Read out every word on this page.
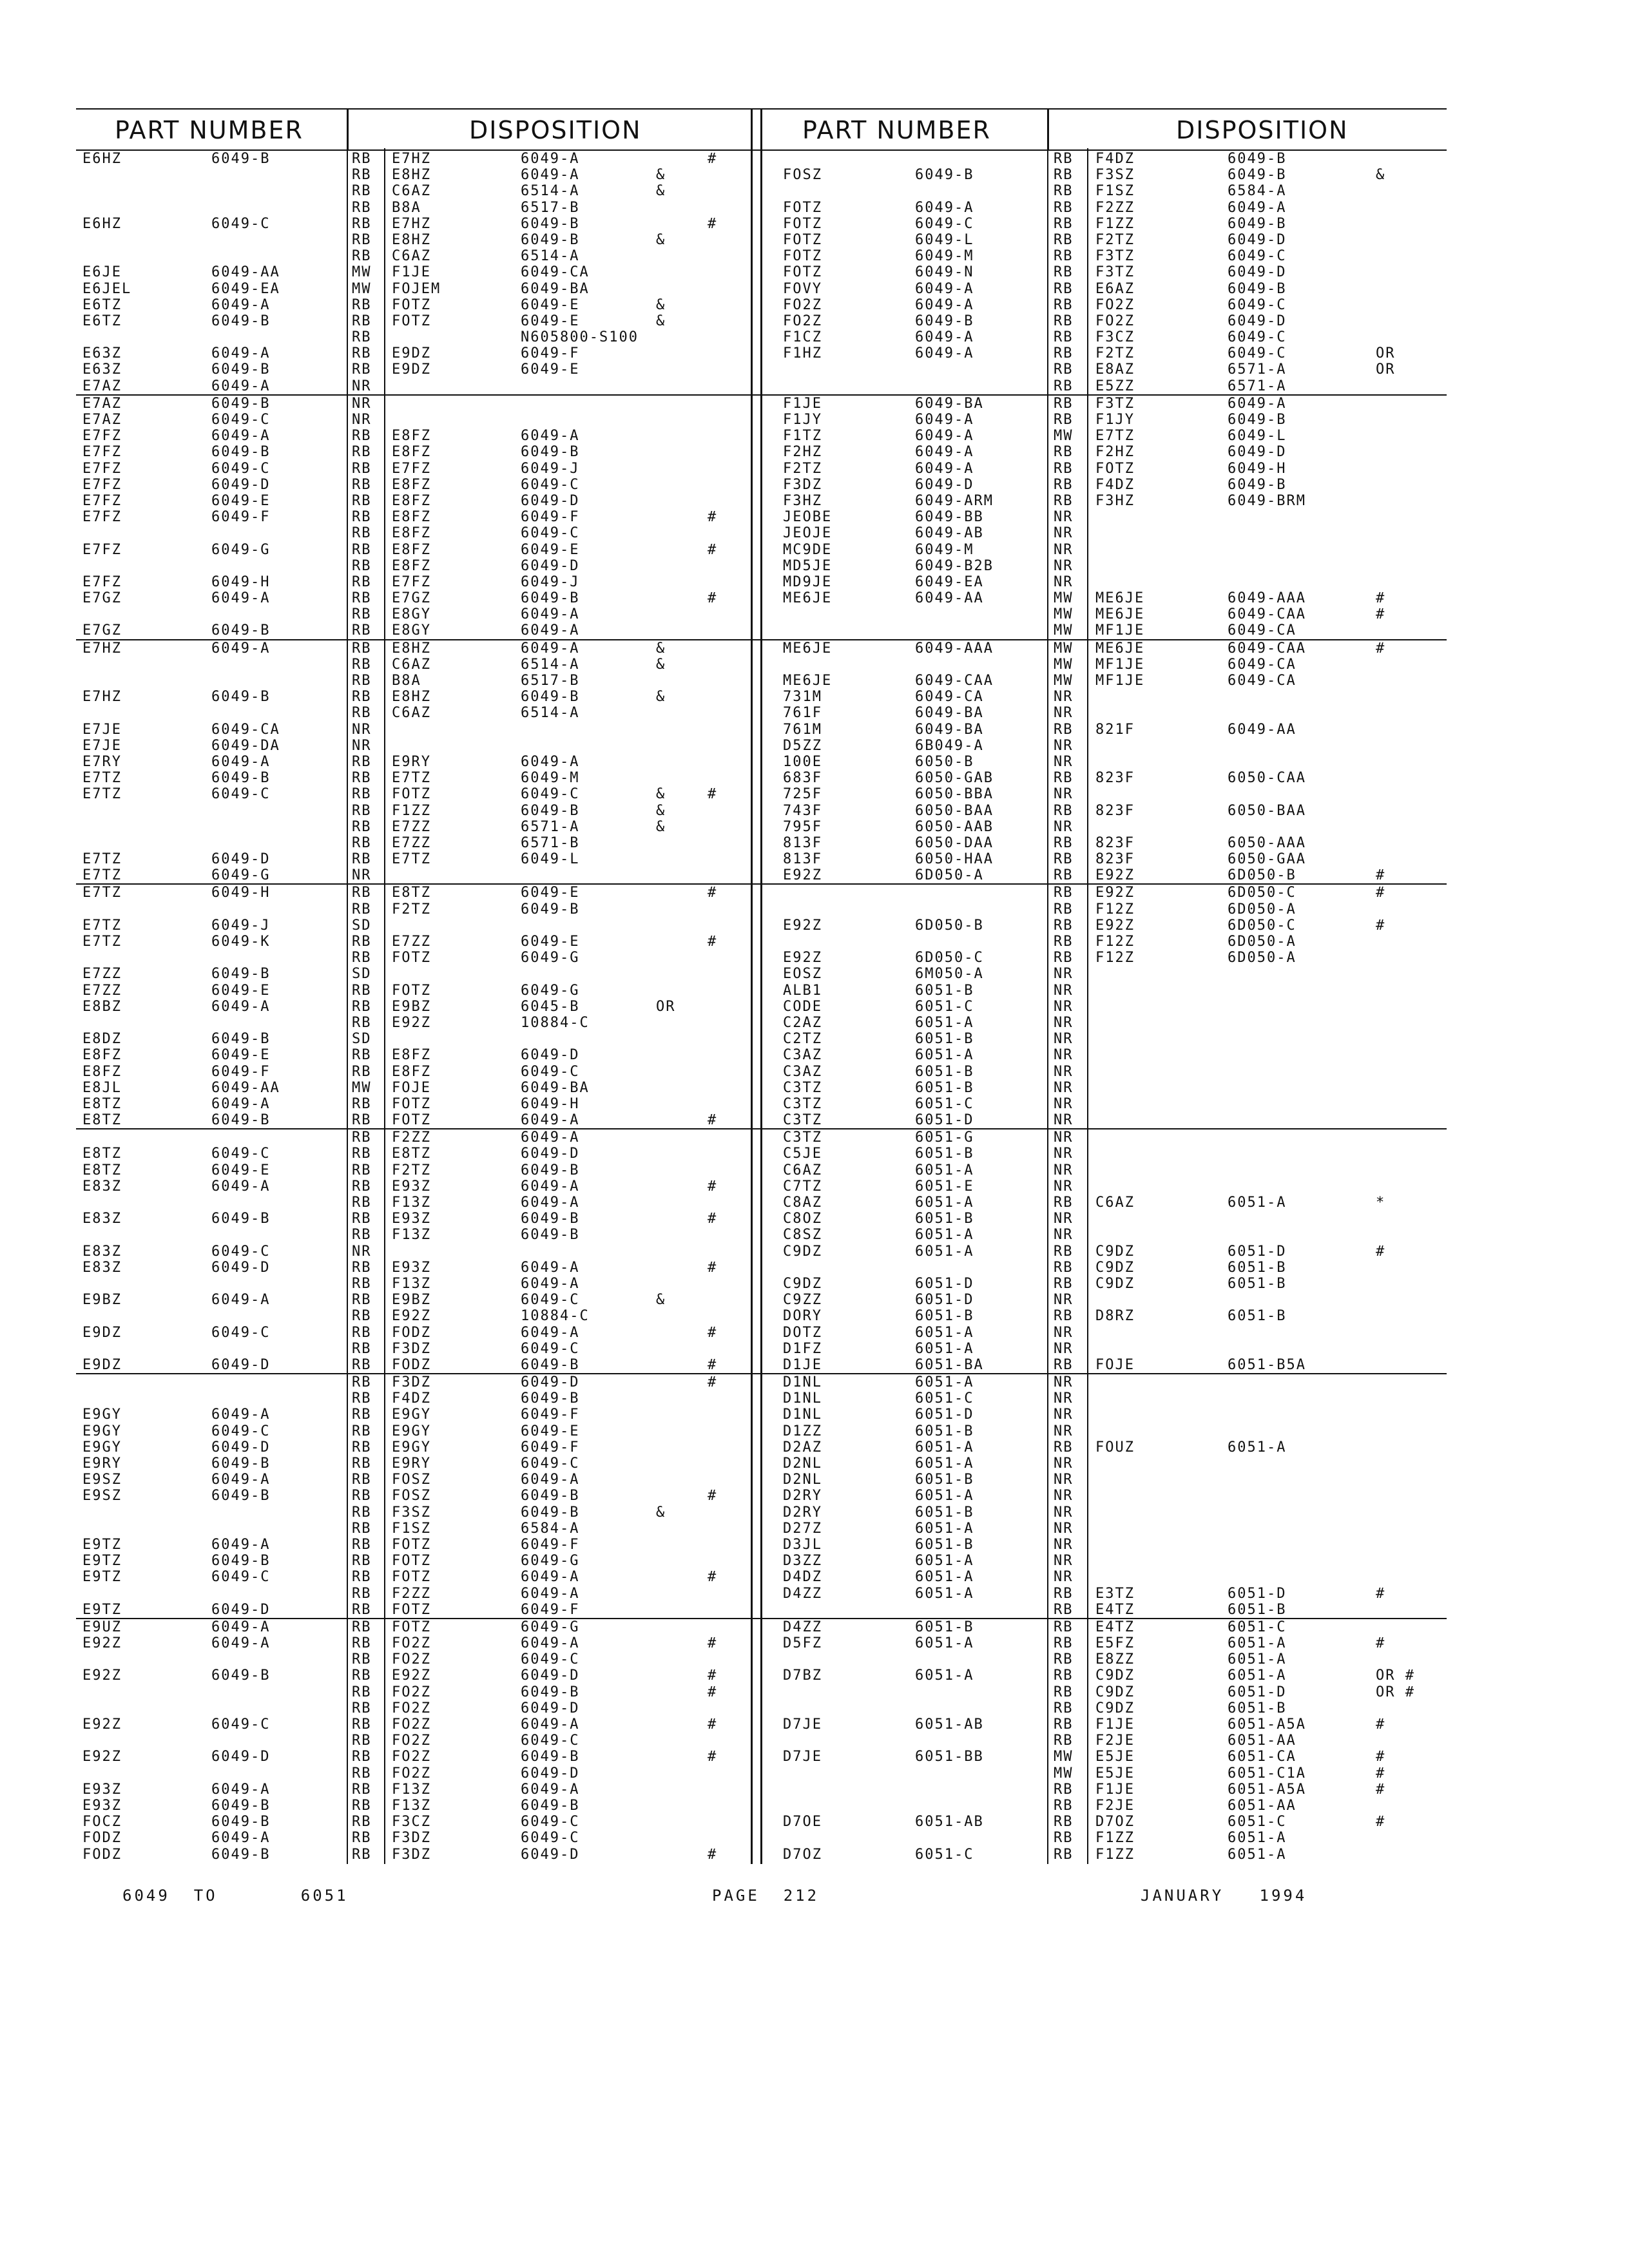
PART NUMBER	DISPOSITION
E6HZ	6049-B	RB E7HZ	6049-A	#
RB E8HZ	6049-A	&
RB C6AZ	6514-A	&
RB B8A	6517-B
E6HZ	6049-C	RB E7HZ	6049-B	#
RB E8HZ	6049-B	&
RB C6AZ	6514-A
E6JE	6049-AA	MW F1JE	6049-CA
E6JEL	6049-EA	MW FOJEM	6049-BA
E6TZ	6049-A	RB FOTZ	6049-E	&
E6TZ	6049-B	RB FOTZ	6049-E	&
RB	N605800-S100
E63Z	6049-A	RB E9DZ	6049-F
E63Z	6049-B	RB E9DZ	6049-E
E7AZ	6049-A	NR
E7AZ	6049-B	NR
E7AZ	6049-C	NR
E7FZ	6049-A	RB E8FZ	6049-A
E7FZ	6049-B	RB E8FZ	6049-B
E7FZ	6049-C	RB E7FZ	6049-J
E7FZ	6049-D	RB E8FZ	6049-C
E7FZ	6049-E	RB E8FZ	6049-D
E7FZ	6049-F	RB E8FZ	6049-F	#
RB E8FZ	6049-C
E7FZ	6049-G	RB E8FZ	6049-E	#
RB E8FZ	6049-D
E7FZ	6049-H	RB E7FZ	6049-J
E7GZ	6049-A	RB E7GZ	6049-B	#
RB E8GY	6049-A
E7GZ	6049-B	RB E8GY	6049-A
E7HZ	6049-A	RB E8HZ	6049-A	&
RB C6AZ	6514-A	&
RB B8A	6517-B
E7HZ	6049-B	RB E8HZ	6049-B	&
RB C6AZ	6514-A
E7JE	6049-CA	NR
E7JE	6049-DA	NR
E7RY	6049-A	RB E9RY	6049-A
E7TZ	6049-B	RB E7TZ	6049-M
E7TZ	6049-C	RB FOTZ	6049-C	&	#
RB F1ZZ	6049-B	&
RB E7ZZ	6571-A	&
RB E7ZZ	6571-B
E7TZ	6049-D	RB E7TZ	6049-L
E7TZ	6049-G	NR
E7TZ	6049-H	RB E8TZ	6049-E	#
RB F2TZ	6049-B
E7TZ	6049-J	SD
E7TZ	6049-K	RB E7ZZ	6049-E	#
RB FOTZ	6049-G
E7ZZ	6049-B	SD
E7ZZ	6049-E	RB FOTZ	6049-G
E8BZ	6049-A	RB E9BZ	6045-B	OR
RB E92Z	10884-C
E8DZ	6049-B	SD
E8FZ	6049-E	RB E8FZ	6049-D
E8FZ	6049-F	RB E8FZ	6049-C
E8JL	6049-AA	MW FOJE	6049-BA
E8TZ	6049-A	RB FOTZ	6049-H
E8TZ	6049-B	RB FOTZ	6049-A	#
RB F2ZZ	6049-A
E8TZ	6049-C	RB E8TZ	6049-D
E8TZ	6049-E	RB F2TZ	6049-B
E83Z	6049-A	RB E93Z	6049-A	#
RB F13Z	6049-A
E83Z	6049-B	RB E93Z	6049-B	#
RB F13Z	6049-B
E83Z	6049-C	NR
E83Z	6049-D	RB E93Z	6049-A	#
RB F13Z	6049-A
E9BZ	6049-A	RB E9BZ	6049-C	&
RB E92Z	10884-C
E9DZ	6049-C	RB FODZ	6049-A	#
RB F3DZ	6049-C
E9DZ	6049-D	RB FODZ	6049-B	#
RB F3DZ	6049-D	#
RB F4DZ	6049-B
E9GY	6049-A	RB E9GY	6049-F
E9GY	6049-C	RB E9GY	6049-E
E9GY	6049-D	RB E9GY	6049-F
E9RY	6049-B	RB E9RY	6049-C
E9SZ	6049-A	RB FOSZ	6049-A
E9SZ	6049-B	RB FOSZ	6049-B	#
RB F3SZ	6049-B	&
RB F1SZ	6584-A
E9TZ	6049-A	RB FOTZ	6049-F
E9TZ	6049-B	RB FOTZ	6049-G
E9TZ	6049-C	RB FOTZ	6049-A	#
RB F2ZZ	6049-A
E9TZ	6049-D	RB FOTZ	6049-F
E9UZ	6049-A	RB FOTZ	6049-G
E92Z	6049-A	RB FO2Z	6049-A	#
RB FO2Z	6049-C
E92Z	6049-B	RB E92Z	6049-D	#
RB FO2Z	6049-B	#
RB FO2Z	6049-D
E92Z	6049-C	RB FO2Z	6049-A	#
RB FO2Z	6049-C
E92Z	6049-D	RB FO2Z	6049-B	#
RB FO2Z	6049-D
E93Z	6049-A	RB F13Z	6049-A
E93Z	6049-B	RB F13Z	6049-B
FOCZ	6049-B	RB F3CZ	6049-C
FODZ	6049-A	RB F3DZ	6049-C
FODZ	6049-B	RB F3DZ	6049-D	#
PART NUMBER	DISPOSITION
RB F4DZ	6049-B
FOSZ	6049-B	RB F3SZ	6049-B	&
RB F1SZ	6584-A
FOTZ	6049-A	RB F2ZZ	6049-A
FOTZ	6049-C	RB F1ZZ	6049-B
FOTZ	6049-L	RB F2TZ	6049-D
FOTZ	6049-M	RB F3TZ	6049-C
FOTZ	6049-N	RB F3TZ	6049-D
FOVY	6049-A	RB E6AZ	6049-B
FO2Z	6049-A	RB FO2Z	6049-C
FO2Z	6049-B	RB FO2Z	6049-D
F1CZ	6049-A	RB F3CZ	6049-C
F1HZ	6049-A	RB F2TZ	6049-C	OR
RB E8AZ	6571-A	OR
RB E5ZZ	6571-A
F1JE	6049-BA	RB F3TZ	6049-A
F1JY	6049-A	RB F1JY	6049-B
F1TZ	6049-A	MW E7TZ	6049-L
F2HZ	6049-A	RB F2HZ	6049-D
F2TZ	6049-A	RB FOTZ	6049-H
F3DZ	6049-D	RB F4DZ	6049-B
F3HZ	6049-ARM	RB F3HZ	6049-BRM
JEOBE	6049-BB	NR
JEOJE	6049-AB	NR
MC9DE	6049-M	NR
MD5JE	6049-B2B	NR
MD9JE	6049-EA	NR
ME6JE	6049-AA	MW ME6JE	6049-AAA	#
MW ME6JE	6049-CAA	#
MW MF1JE	6049-CA
ME6JE	6049-AAA	MW ME6JE	6049-CAA	#
MW MF1JE	6049-CA
ME6JE	6049-CAA	MW MF1JE	6049-CA
731M	6049-CA	NR
761F	6049-BA	NR
761M	6049-BA	RB 821F	6049-AA
D5ZZ	6B049-A	NR
100E	6050-B	NR
683F	6050-GAB	RB 823F	6050-CAA
725F	6050-BBA	NR
743F	6050-BAA	RB 823F	6050-BAA
795F	6050-AAB	NR
813F	6050-DAA	RB 823F	6050-AAA
813F	6050-HAA	RB 823F	6050-GAA
E92Z	6D050-A	RB E92Z	6D050-B	#
RB E92Z	6D050-C	#
RB F12Z	6D050-A
E92Z	6D050-B	RB E92Z	6D050-C	#
RB F12Z	6D050-A
E92Z	6D050-C	RB F12Z	6D050-A
EOSZ	6M050-A	NR
ALB1	6051-B	NR
CODE	6051-C	NR
C2AZ	6051-A	NR
C2TZ	6051-B	NR
C3AZ	6051-A	NR
C3AZ	6051-B	NR
C3TZ	6051-B	NR
C3TZ	6051-C	NR
C3TZ	6051-D	NR
C3TZ	6051-G	NR
C5JE	6051-B	NR
C6AZ	6051-A	NR
C7TZ	6051-E	NR
C8AZ	6051-A	RB C6AZ	6051-A	*
C8OZ	6051-B	NR
C8SZ	6051-A	NR
C9DZ	6051-A	RB C9DZ	6051-D	#
RB C9DZ	6051-B
C9DZ	6051-D	RB C9DZ	6051-B
C9ZZ	6051-D	NR
DORY	6051-B	RB D8RZ	6051-B
DOTZ	6051-A	NR
D1FZ	6051-A	NR
D1JE	6051-BA	RB FOJE	6051-B5A
D1NL	6051-A	NR
D1NL	6051-C	NR
D1NL	6051-D	NR
D1ZZ	6051-B	NR
D2AZ	6051-A	RB FOUZ	6051-A
D2NL	6051-A	NR
D2NL	6051-B	NR
D2RY	6051-A	NR
D2RY	6051-B	NR
D27Z	6051-A	NR
D3JL	6051-B	NR
D3ZZ	6051-A	NR
D4DZ	6051-A	NR
D4ZZ	6051-A	RB E3TZ	6051-D	#
RB E4TZ	6051-B
D4ZZ	6051-B	RB E4TZ	6051-C
D5FZ	6051-A	RB E5FZ	6051-A	#
RB E8ZZ	6051-A
D7BZ	6051-A	RB C9DZ	6051-A	OR #
RB C9DZ	6051-D	OR #
RB C9DZ	6051-B
D7JE	6051-AB	RB F1JE	6051-A5A	#
RB F2JE	6051-AA
D7JE	6051-BB	MW E5JE	6051-CA	#
MW E5JE	6051-C1A	#
RB F1JE	6051-A5A	#
RB F2JE	6051-AA
D7OE	6051-AB	RB D7OZ	6051-C	#
RB F1ZZ	6051-A
D7OZ	6051-C	RB F1ZZ	6051-A
6049 TO	6051	PAGE 212	JANUARY 1994
